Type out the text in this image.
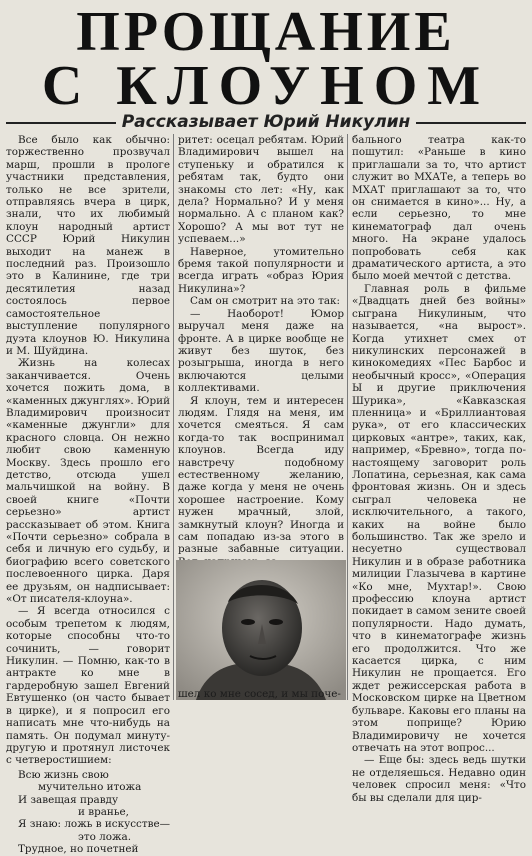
ПРОЩАНИЕ
С КЛОУНОМ

Рассказывает Юрий Никулин

Все было как обычно: торжественно прозвучал марш, прошли в прологе участники представления, только не все зрители, отправляясь вчера в цирк, знали, что их любимый клоун народный артист СССР Юрий Никулин выходит на манеж в последний раз. Произошло это в Калинине, где три десятилетия назад состоялось первое самостоятельное выступление популярного дуэта клоунов Ю. Никулина и М. Шуйдина.

Жизнь на колесах заканчивается. Очень хочется пожить дома, в «каменных джунглях». Юрий Владимирович произносит «каменные джунгли» для красного словца. Он нежно любит свою каменную Москву. Здесь прошло его детство, отсюда ушел мальчишкой на войну. В своей книге «Почти серьезно» артист рассказывает об этом. Книга «Почти серьезно» собрала в себя и личную его судьбу, и биографию всего советского послевоенного цирка. Даря ее друзьям, он надписывает: «От писателя-клоуна».

— Я всегда относился с особым трепетом к людям, которые способны что-то сочинить, — говорит Никулин. — Помню, как-то в антракте ко мне в гардеробную зашел Евгений Евтушенко (он часто бывает в цирке), и я попросил его написать мне что-нибудь на память. Он подумал минуту-другую и протянул листочек с четверостишием:

Всю жизнь свою
мучительно итожа
И завещая правду
и вранье,
Я знаю: ложь в искусстве—
это ложа.
Трудное, но почетней

ритет: осецал ребятам. Юрий Владимирович вышел на ступеньку и обратился к ребятам так, будто они знакомы сто лет: «Ну, как дела? Нормально? И у меня нормально. А с планом как? Хорошо? А мы вот тут не успеваем...»

Наверное, утомительно бремя такой популярности и всегда играть «образ Юрия Никулина»?

Сам он смотрит на это так:

— Наоборот! Юмор выручал меня даже на фронте. А в цирке вообще не живут без шуток, без розыгрыша, иногда в него включаются целыми коллективами.

Я клоун, тем и интересен людям. Глядя на меня, им хочется смеяться. Я сам когда-то так воспринимал клоунов. Всегда иду навстречу подобному естественному желанию, даже когда у меня не очень хорошее настроение. Кому нужен мрачный, злой, замкнутый клоун? Иногда и сам попадаю из-за этого в разные забавные ситуации.

шел ко мне сосед, и мы поче-

бального театра как-то пошутил: «Раньше в кино приглашали за то, что артист служит во МХАТе, а теперь во МХАТ приглашают за то, что он снимается в кино»... Ну, а если серьезно, то мне кинематограф дал очень много. На экране удалось попробовать себя как драматического артиста, а это было моей мечтой с детства.

Главная роль в фильме «Двадцать дней без войны» сыграна Никулиным, что называется, «на вырост». Когда утихнет смех от никулинских персонажей в кинокомедиях «Пес Барбос и необычный кросс», «Операция Ы и другие приключения Шурика», «Кавказская пленница» и «Бриллиантовая рука», от его классических цирковых «антре», таких, как, например, «Бревно», тогда по-настоящему заговорит роль Лопатина, серьезная, как сама фронтовая жизнь. Он и здесь сыграл человека не исключительного, а такого, каких на войне было большинство. Так же зрело и несуетно существовал Никулин и в образе работника милиции Глазычева в картине «Ко мне, Мухтар!». Свою профессию клоуна артист покидает в самом зените своей популярности. Надо думать, что в кинематографе жизнь его продолжится. Что же касается цирка, с ним Никулин не прощается. Его ждет режиссерская работа в Московском цирке на Цветном бульваре. Каковы его планы на этом поприще? Юрию Владимировичу не хочется отвечать на этот вопрос...

— Еще бы: здесь ведь шутки не отделяешься. Недавно один человек спросил меня: «Что бы вы сделали для цир-
